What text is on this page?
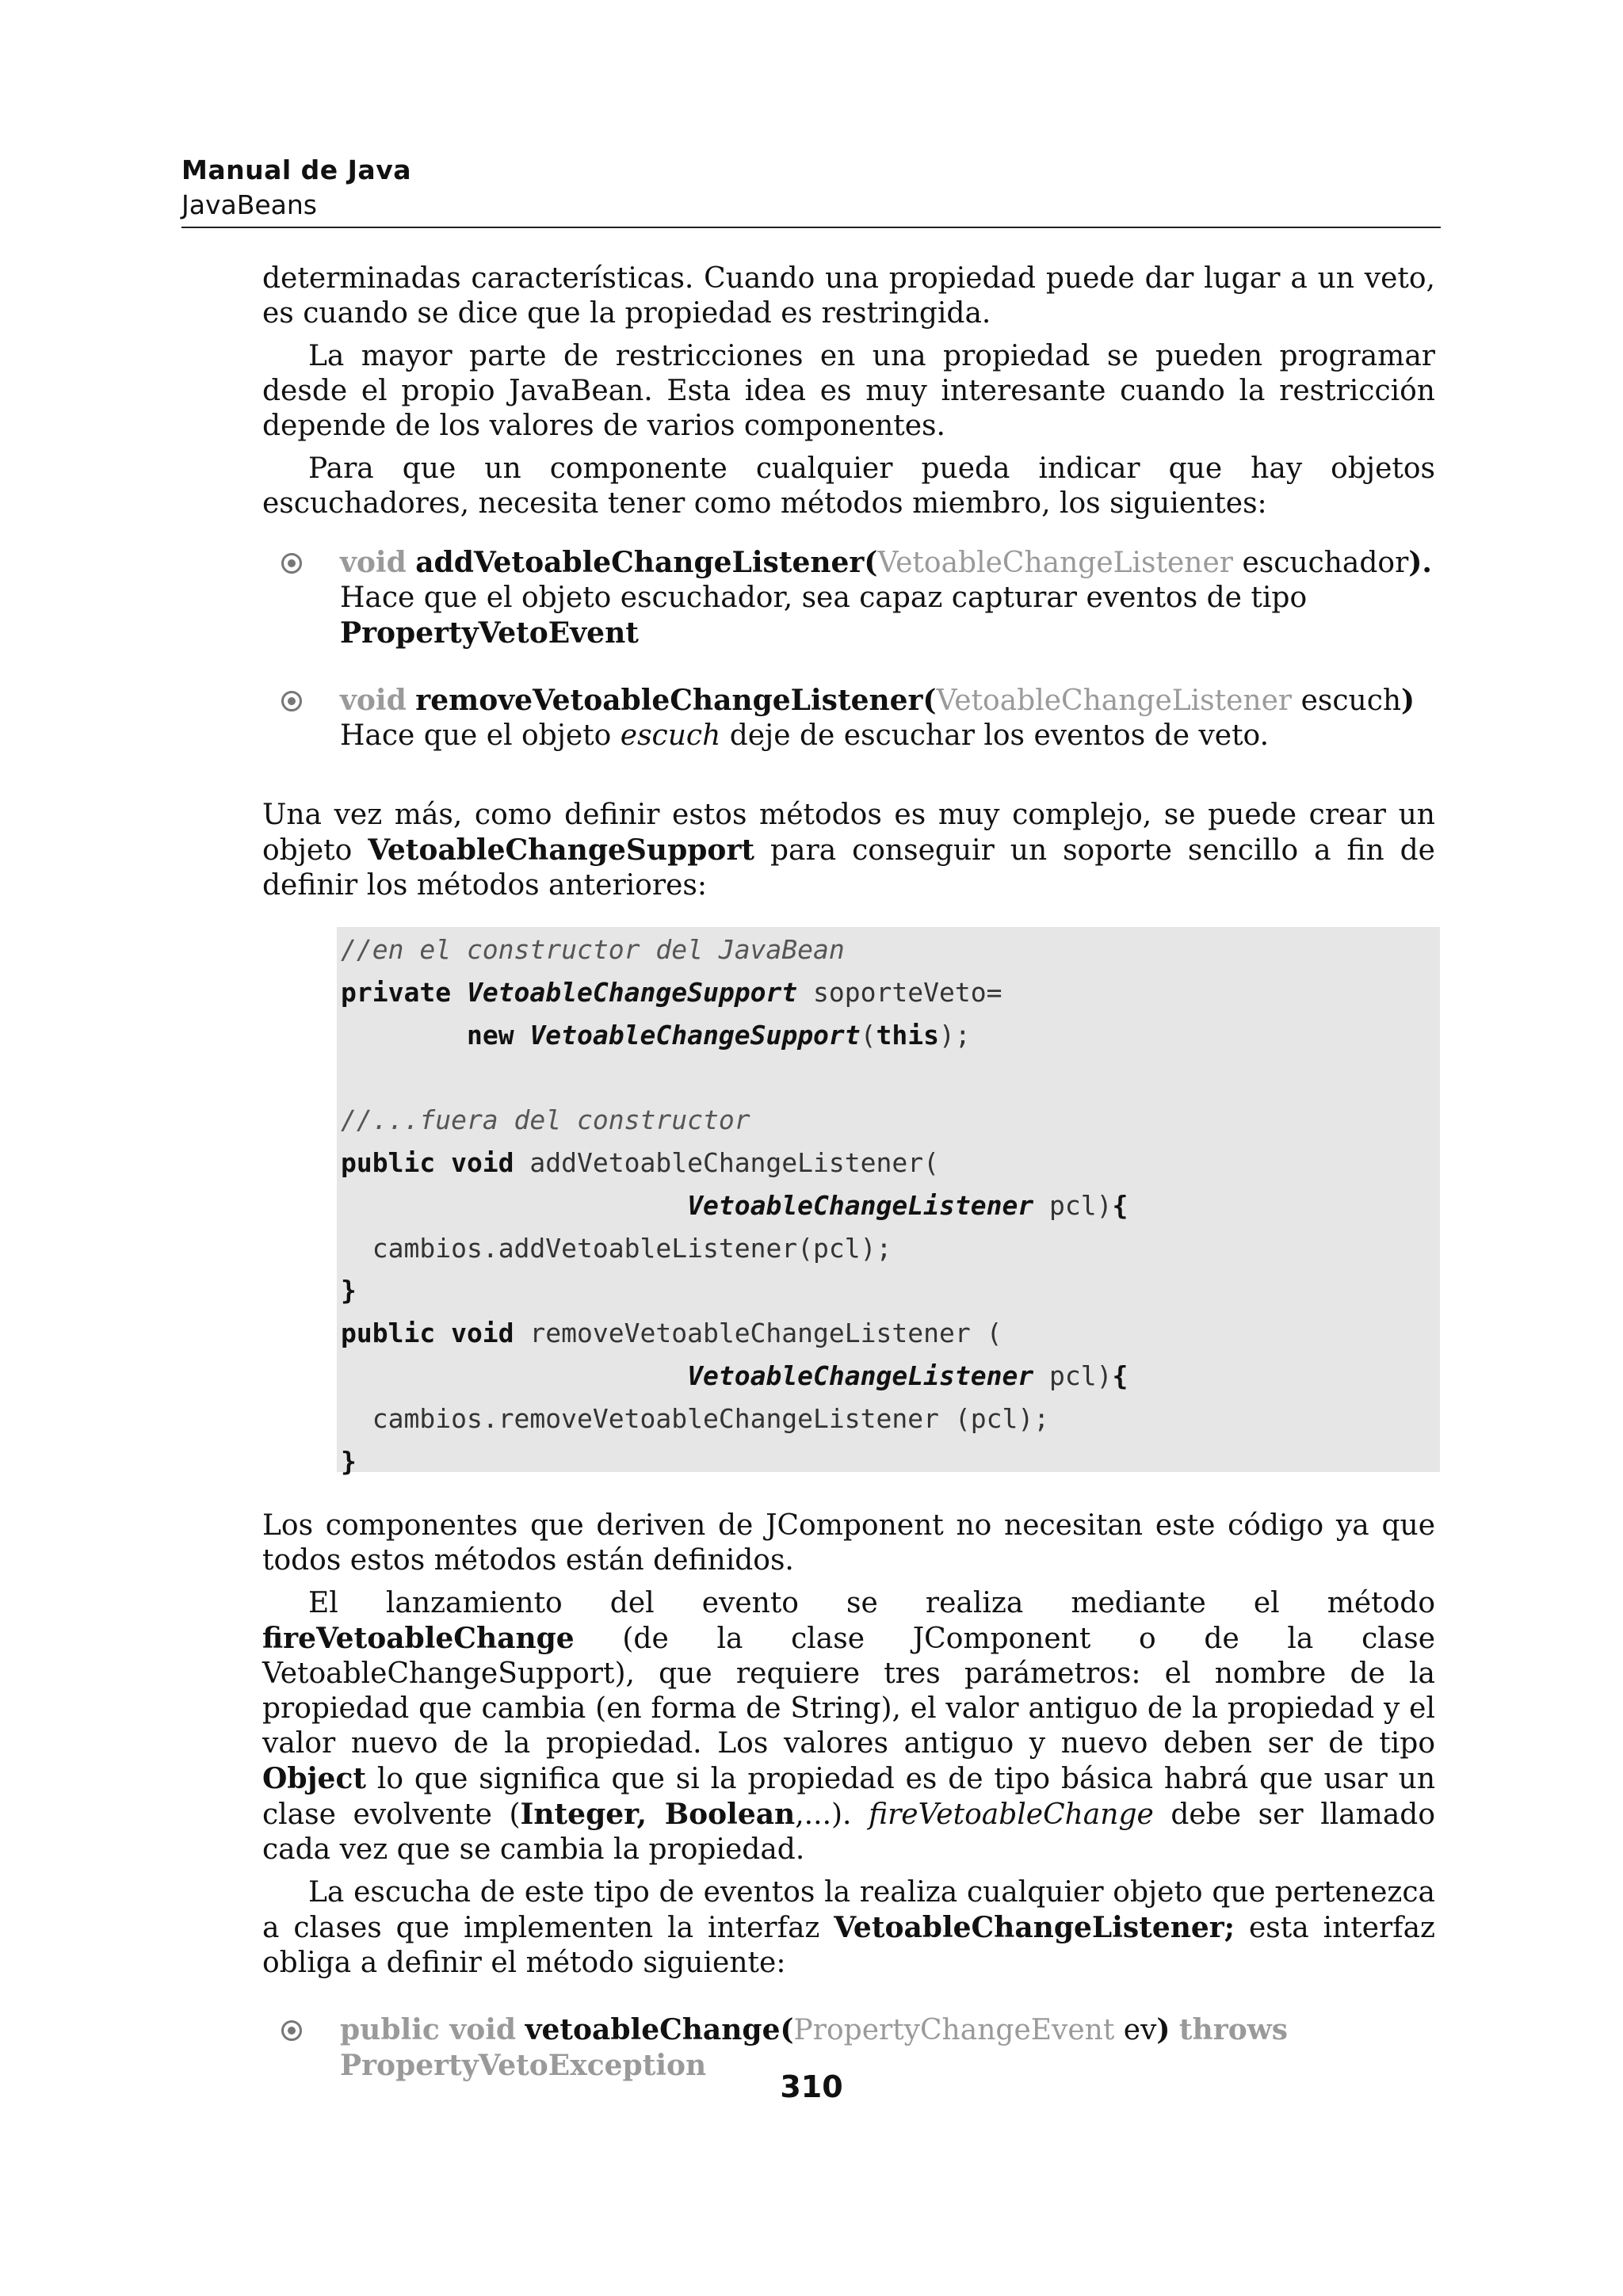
Manual de Java
JavaBeans

determinadas características. Cuando una propiedad puede dar lugar a un veto, es cuando se dice que la propiedad es restringida.

La mayor parte de restricciones en una propiedad se pueden programar desde el propio JavaBean. Esta idea es muy interesante cuando la restricción depende de los valores de varios componentes.

Para que un componente cualquier pueda indicar que hay objetos escuchadores, necesita tener como métodos miembro, los siguientes:

void addVetoableChangeListener(VetoableChangeListener escuchador).
Hace que el objeto escuchador, sea capaz capturar eventos de tipo
PropertyVetoEvent
void removeVetoableChangeListener(VetoableChangeListener escuch)
Hace que el objeto escuch deje de escuchar los eventos de veto.

Una vez más, como definir estos métodos es muy complejo, se puede crear un objeto VetoableChangeSupport para conseguir un soporte sencillo a fin de definir los métodos anteriores:

//en el constructor del JavaBean
private VetoableChangeSupport soporteVeto=
new VetoableChangeSupport(this);

//...fuera del constructor
public void addVetoableChangeListener(
VetoableChangeListener pcl){
cambios.addVetoableListener(pcl);
}
public void removeVetoableChangeListener (
VetoableChangeListener pcl){
cambios.removeVetoableChangeListener (pcl);
}

Los componentes que deriven de JComponent no necesitan este código ya que todos estos métodos están definidos.

El lanzamiento del evento se realiza mediante el método fireVetoableChange (de la clase JComponent o de la clase VetoableChangeSupport), que requiere tres parámetros: el nombre de la propiedad que cambia (en forma de String), el valor antiguo de la propiedad y el valor nuevo de la propiedad. Los valores antiguo y nuevo deben ser de tipo Object lo que significa que si la propiedad es de tipo básica habrá que usar un clase evolvente (Integer, Boolean,...). fireVetoableChange debe ser llamado cada vez que se cambia la propiedad.

La escucha de este tipo de eventos la realiza cualquier objeto que pertenezca a clases que implementen la interfaz VetoableChangeListener; esta interfaz obliga a definir el método siguiente:

public void vetoableChange(PropertyChangeEvent ev) throws
PropertyVetoException
310
